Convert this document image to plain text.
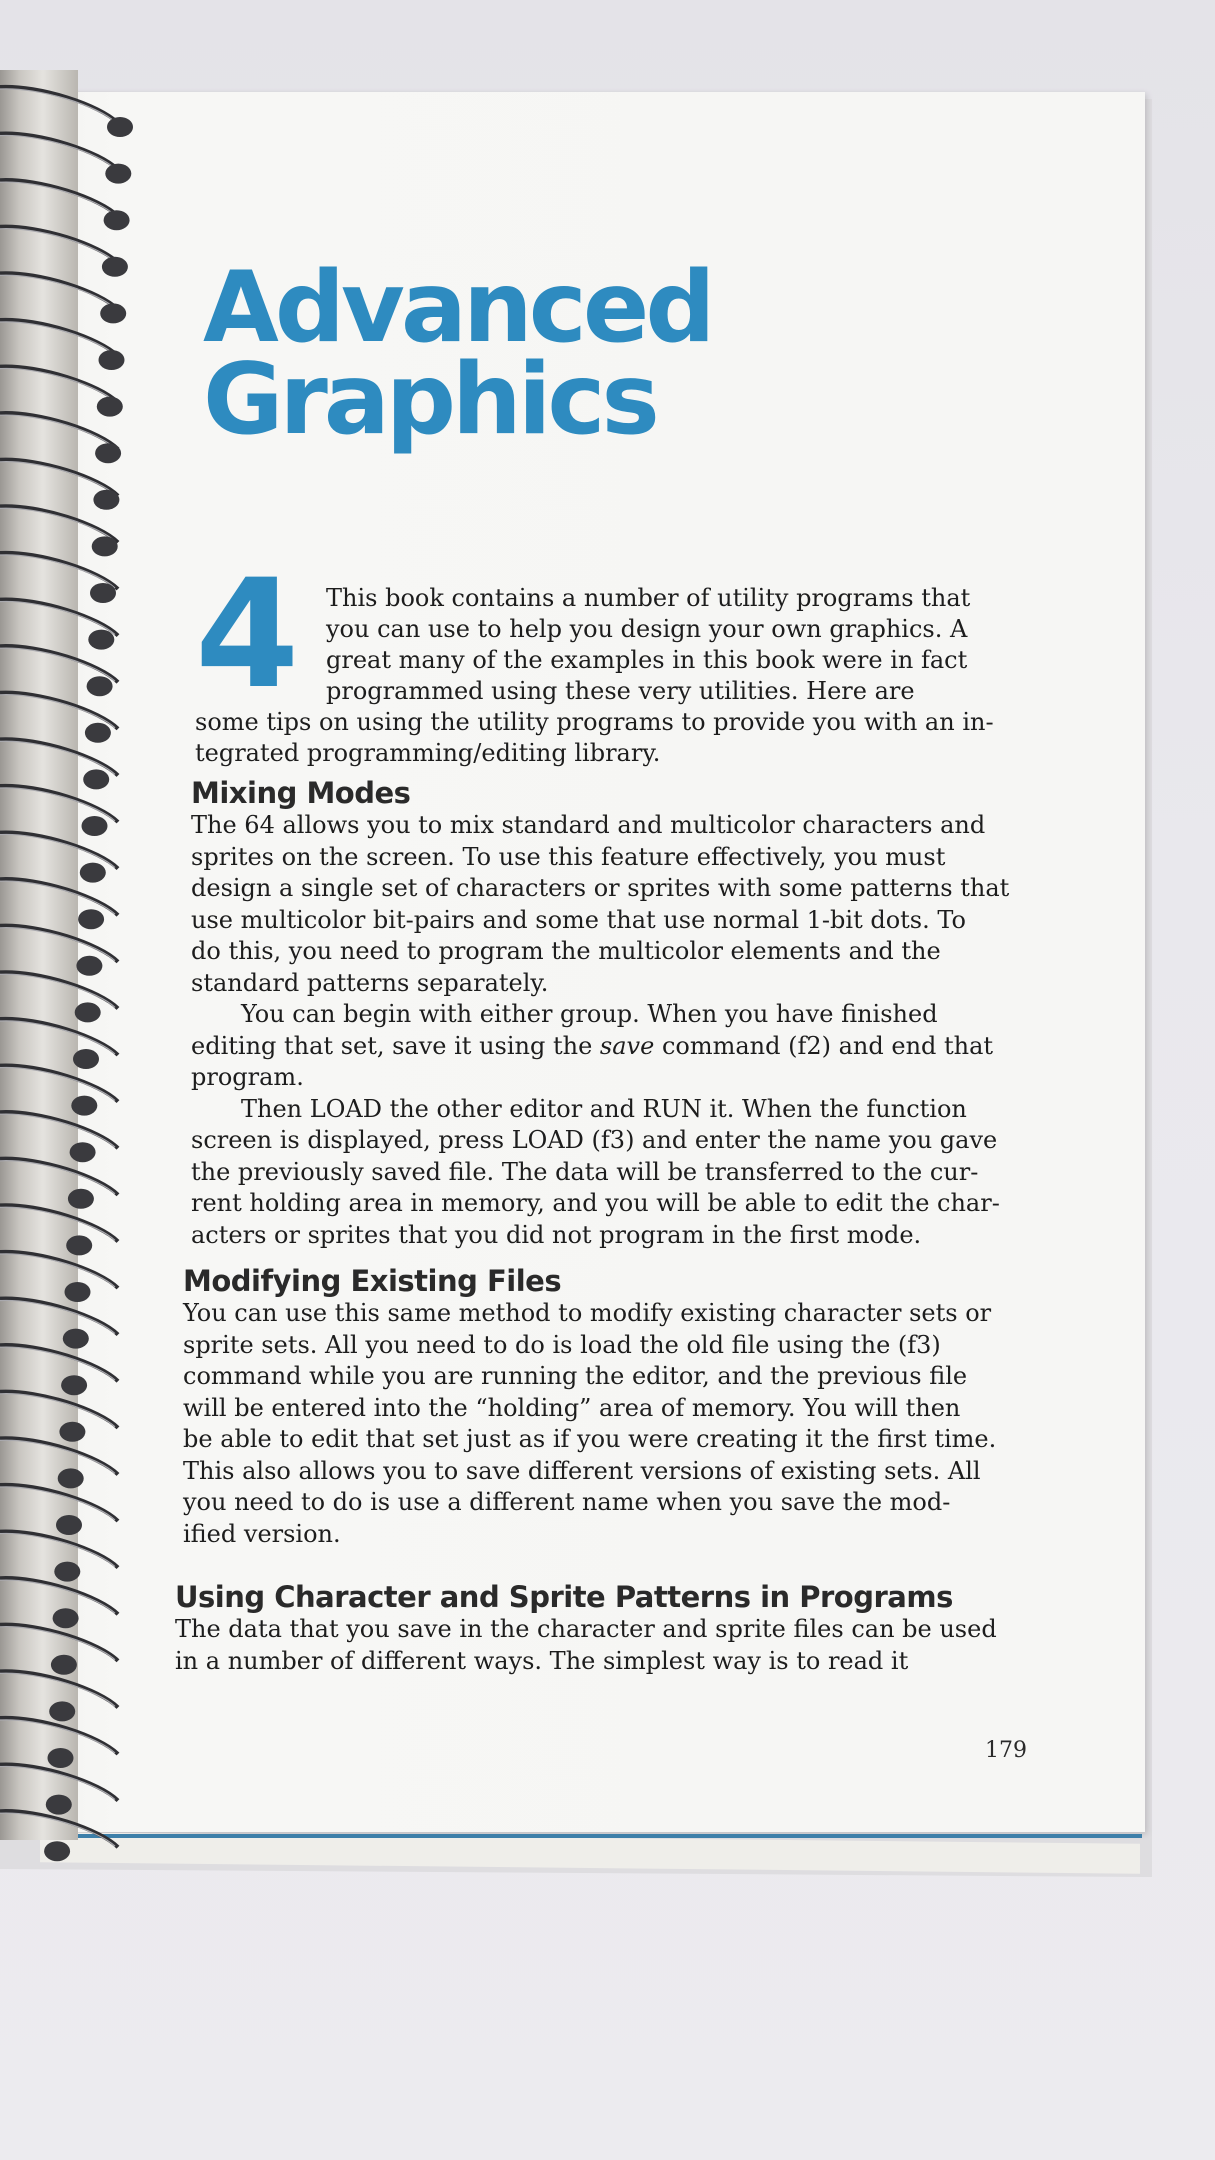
Advanced
Graphics
4 This book contains a number of utility programs that
you can use to help you design your own graphics. A
great many of the examples in this book were in fact
programmed using these very utilities. Here are
some tips on using the utility programs to provide you with an in-
tegrated programming/editing library.
Mixing Modes

The 64 allows you to mix standard and multicolor characters and
sprites on the screen. To use this feature effectively, you must
design a single set of characters or sprites with some patterns that
use multicolor bit-pairs and some that use normal 1-bit dots. To
do this, you need to program the multicolor elements and the
standard patterns separately.

You can begin with either group. When you have finished
editing that set, save it using the save command (f2) and end that
program.

Then LOAD the other editor and RUN it. When the function
screen is displayed, press LOAD (f3) and enter the name you gave
the previously saved file. The data will be transferred to the cur-
rent holding area in memory, and you will be able to edit the char-
acters or sprites that you did not program in the first mode.

Modifying Existing Files

You can use this same method to modify existing character sets or
sprite sets. All you need to do is load the old file using the (f3)
command while you are running the editor, and the previous file
will be entered into the “holding” area of memory. You will then
be able to edit that set just as if you were creating it the first time.
This also allows you to save different versions of existing sets. All
you need to do is use a different name when you save the mod-
ified version.

Using Character and Sprite Patterns in Programs

The data that you save in the character and sprite files can be used
in a number of different ways. The simplest way is to read it

179
